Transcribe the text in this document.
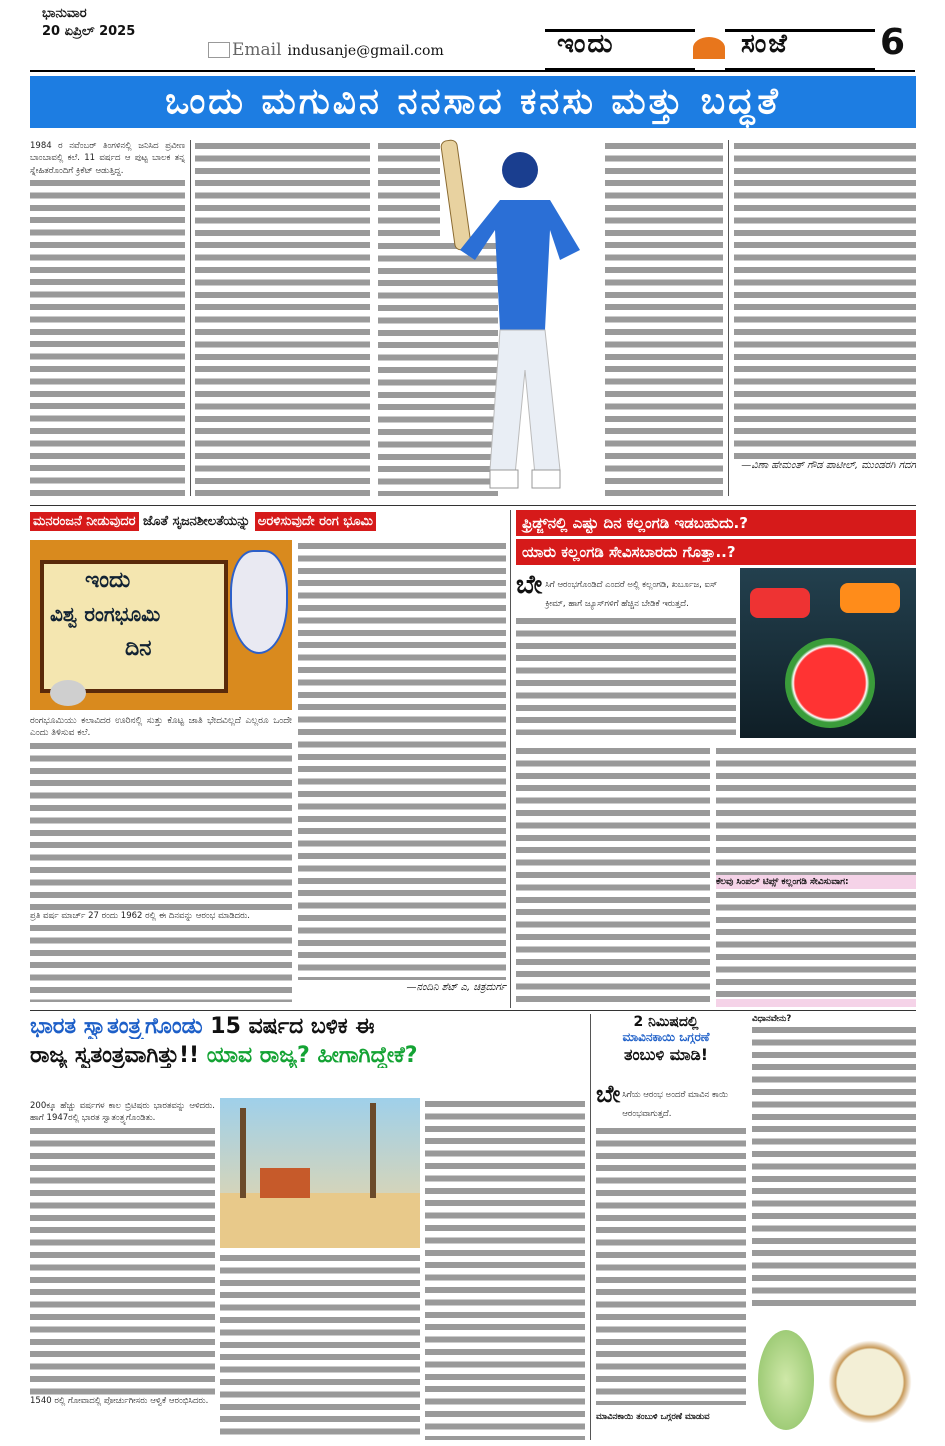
ಭಾನುವಾರ
20 ಏಪ್ರಿಲ್ 2025
Email indusanje@gmail.com	ಇಂದು	ಸಂಜೆ	6
ಒಂದು ಮಗುವಿನ ನನಸಾದ ಕನಸು ಮತ್ತು ಬದ್ಧತೆ
1984 ರ ನವೆಂಬರ್ ತಿಂಗಳಿನಲ್ಲಿ ಜನಿಸಿದ ಪ್ರವೀಣ ಬಾಂಬಾವಲ್ಲಿ ಕಲೆ. 11 ವರ್ಷದ ಆ ಪುಟ್ಟ ಬಾಲಕ ತನ್ನ ಸ್ನೇಹಿತರೊಂದಿಗೆ ಕ್ರಿಕೆಟ್ ಆಡುತ್ತಿದ್ದ.
—ವಿಣಾ ಹೇಮಂತ್ ಗೌಡ ಪಾಟೀಲ್, ಮುಂಡರಗಿ ಗದಗ
ಮನರಂಜನೆ ನೀಡುವುದರ ಜೊತೆ ಸೃಜನಶೀಲತೆಯನ್ನು ಅರಳಿಸುವುದೇ ರಂಗ ಭೂಮಿ
ಇಂದು
ವಿಶ್ವ ರಂಗಭೂಮಿ
ದಿನ
ರಂಗಭೂಮಿಯು ಕಲಾವಿದರ ಊರಿನಲ್ಲಿ ಸುತ್ತು ಕೊಟ್ಟ ಜಾತಿ ಭೇದವಿಲ್ಲದೆ ಎಲ್ಲರೂ ಒಂದೇ ಎಂದು ತಿಳಿಸುವ ಕಲೆ.
ಪ್ರತಿ ವರ್ಷ ಮಾರ್ಚ್ 27 ರಂದು 1962 ರಲ್ಲಿ ಈ ದಿನವನ್ನು ಆರಂಭ ಮಾಡಿದರು.
—ನಂದಿನಿ ಶೆಟ್ ಎ, ಚಿತ್ರದುರ್ಗ
ಫ್ರಿಡ್ಜ್‌ನಲ್ಲಿ ಎಷ್ಟು ದಿನ ಕಲ್ಲಂಗಡಿ ಇಡಬಹುದು.?
ಯಾರು ಕಲ್ಲಂಗಡಿ ಸೇವಿಸಬಾರದು ಗೊತ್ತಾ..?
ಬೇ ಸಿಗೆ ಆರಂಭಗೊಂಡಿದೆ ಎಂದರೆ ಅಲ್ಲಿ ಕಲ್ಲಂಗಡಿ, ಖರ್ಬೂಜ, ಐಸ್ ಕ್ರೀಮ್, ಹಾಗೆ ಜ್ಯೂಸ್‌ಗಳಿಗೆ ಹೆಚ್ಚಿನ ಬೇಡಿಕೆ ಇರುತ್ತದೆ.
ಕೆಲವು ಸಿಂಪಲ್ ಟಿಪ್ಸ್ ಕಲ್ಲಂಗಡಿ ಸೇವಿಸುವಾಗ:
ಭಾರತ ಸ್ವಾತಂತ್ರ್ಯಗೊಂಡು 15 ವರ್ಷದ ಬಳಿಕ ಈ
ರಾಜ್ಯ ಸ್ವತಂತ್ರವಾಗಿತ್ತು!! ಯಾವ ರಾಜ್ಯ? ಹೀಗಾಗಿದ್ದೇಕೆ?
200ಕ್ಕೂ ಹೆಚ್ಚು ವರ್ಷಗಳ ಕಾಲ ಬ್ರಿಟಿಷರು ಭಾರತವನ್ನು ಆಳಿದರು. ಹಾಗೆ 1947ರಲ್ಲಿ ಭಾರತ ಸ್ವಾತಂತ್ರ್ಯಗೊಂಡಿತು.
1540 ರಲ್ಲಿ ಗೋವಾದಲ್ಲಿ ಪೋರ್ಚುಗೀಸರು ಆಳ್ವಿಕೆ ಆರಂಭಿಸಿದರು.
2 ನಿಮಿಷದಲ್ಲಿ
ಮಾವಿನಕಾಯಿ ಒಗ್ಗರಣೆ
ತಂಬುಳಿ ಮಾಡಿ!
ಬೇ ಸಿಗೆಯ ಆರಂಭ ಅಂದರೆ ಮಾವಿನ ಕಾಯಿ ಆರಂಭವಾಗುತ್ತದೆ.
ಮಾವಿನಕಾಯಿ ತಂಬುಳಿ ಒಗ್ಗರಣೆ ಮಾಡುವ
ವಿಧಾನವೇನು?
